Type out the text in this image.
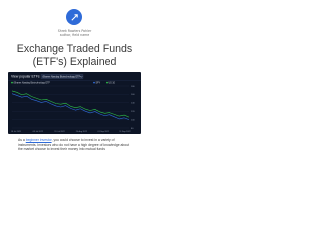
Shrek Rawlers Pohler
author, field name
Exchange Traded Funds
(ETF's) Explained
View popular ETFs iShares Nasdaq Biotechnology ETF
iShares Nasdaq Biotechnology ETF	SPY	US 10
180
160
140
120
100
80
18 Jul 2021	08 Jul 2022	19 Jul 2022	20 Aug 2022	01 Sep 2022	11 Sep 2022
As a beginner investor, you could choose to invest in a variety of instruments. Investors who do not have a high degree of knowledge about the market choose to invest their money into mutual funds
